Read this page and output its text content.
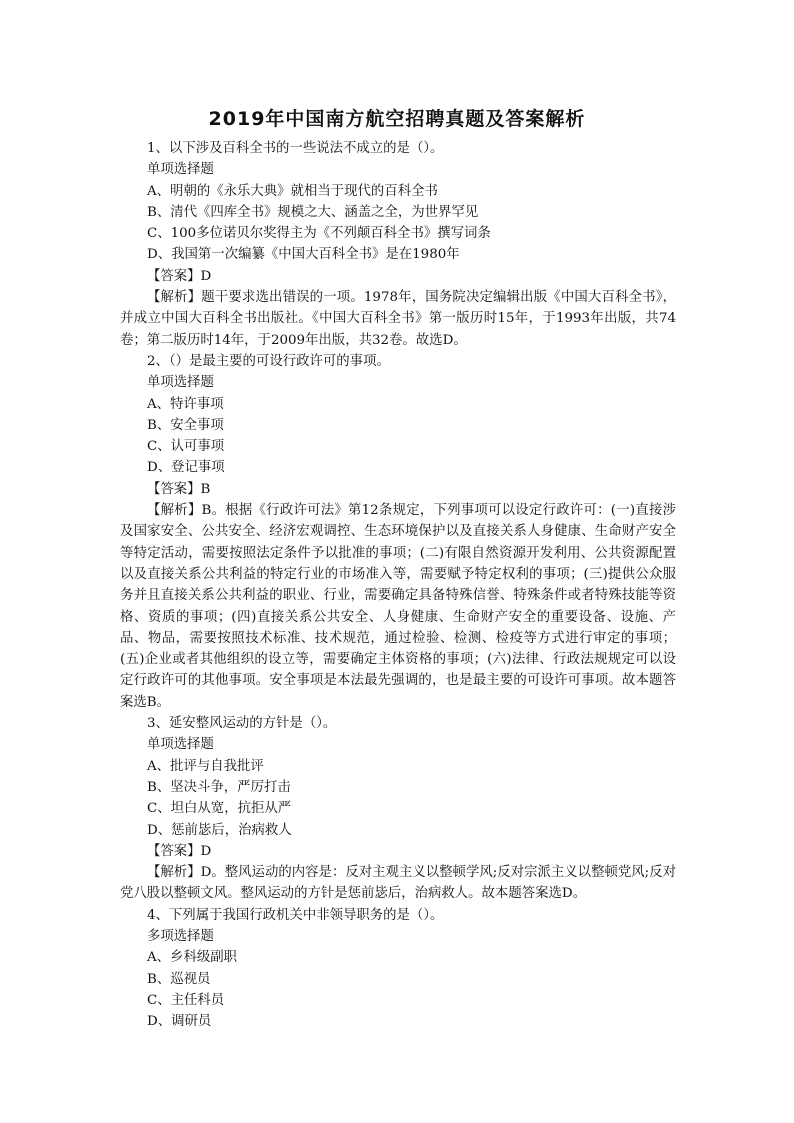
2019年中国南方航空招聘真题及答案解析
1、以下涉及百科全书的一些说法不成立的是（）。
单项选择题
A、明朝的《永乐大典》就相当于现代的百科全书
B、清代《四库全书》规模之大、涵盖之全，为世界罕见
C、100多位诺贝尔奖得主为《不列颠百科全书》撰写词条
D、我国第一次编纂《中国大百科全书》是在1980年
【答案】D
【解析】题干要求选出错误的一项。1978年，国务院决定编辑出版《中国大百科全书》，并成立中国大百科全书出版社。《中国大百科全书》第一版历时15年，于1993年出版，共74卷；第二版历时14年，于2009年出版，共32卷。故选D。
2、（）是最主要的可设行政许可的事项。
单项选择题
A、特许事项
B、安全事项
C、认可事项
D、登记事项
【答案】B
【解析】B。根据《行政许可法》第12条规定，下列事项可以设定行政许可：(一)直接涉及国家安全、公共安全、经济宏观调控、生态环境保护以及直接关系人身健康、生命财产安全等特定活动，需要按照法定条件予以批准的事项；(二)有限自然资源开发利用、公共资源配置以及直接关系公共利益的特定行业的市场准入等，需要赋予特定权利的事项；(三)提供公众服务并且直接关系公共利益的职业、行业，需要确定具备特殊信誉、特殊条件或者特殊技能等资格、资质的事项；(四)直接关系公共安全、人身健康、生命财产安全的重要设备、设施、产品、物品，需要按照技术标准、技术规范，通过检验、检测、检疫等方式进行审定的事项；(五)企业或者其他组织的设立等，需要确定主体资格的事项；(六)法律、行政法规规定可以设定行政许可的其他事项。安全事项是本法最先强调的，也是最主要的可设许可事项。故本题答案选B。
3、延安整风运动的方针是（）。
单项选择题
A、批评与自我批评
B、坚决斗争，严厉打击
C、坦白从宽，抗拒从严
D、惩前毖后，治病救人
【答案】D
【解析】D。整风运动的内容是：反对主观主义以整顿学风;反对宗派主义以整顿党风;反对党八股以整顿文风。整风运动的方针是惩前毖后，治病救人。故本题答案选D。
4、下列属于我国行政机关中非领导职务的是（）。
多项选择题
A、乡科级副职
B、巡视员
C、主任科员
D、调研员
